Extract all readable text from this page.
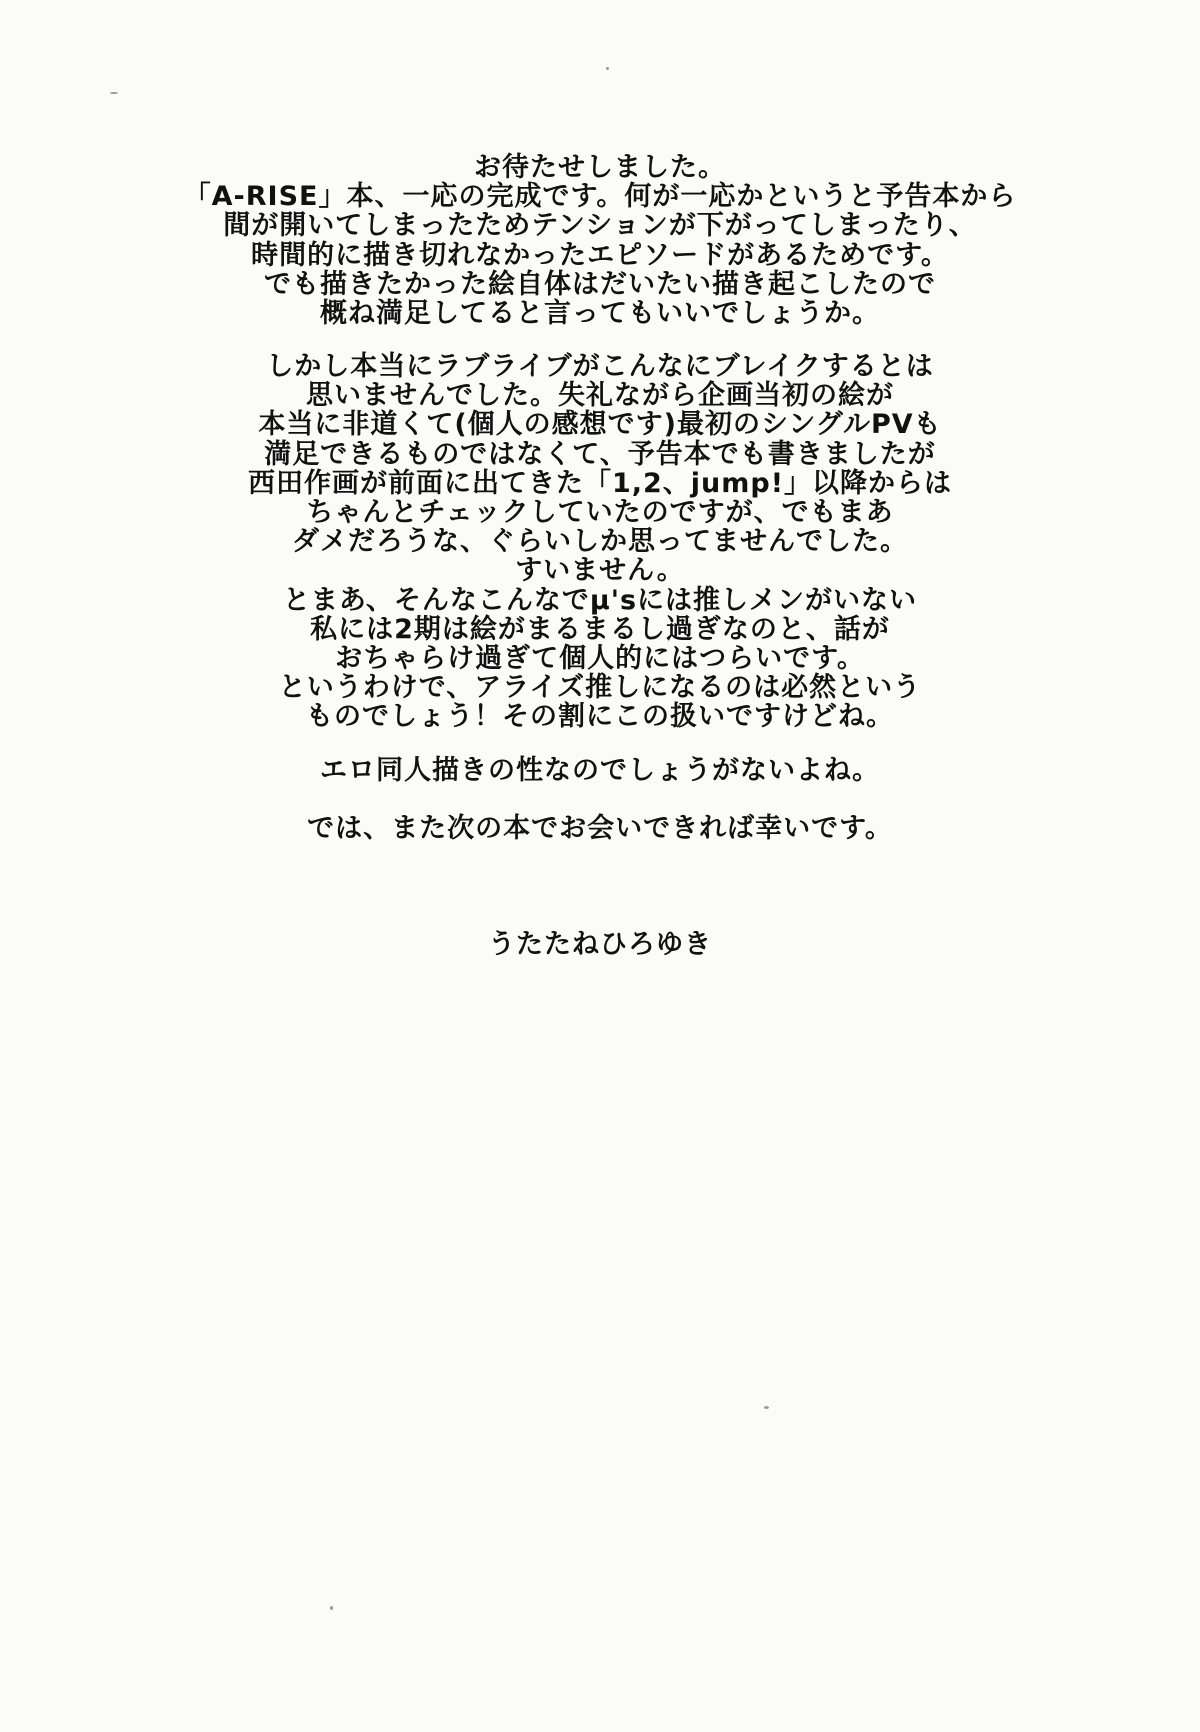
お待たせしました。
「A-RISE」本、一応の完成です。何が一応かというと予告本から
間が開いてしまったためテンションが下がってしまったり、
時間的に描き切れなかったエピソードがあるためです。
でも描きたかった絵自体はだいたい描き起こしたので
概ね満足してると言ってもいいでしょうか。
しかし本当にラブライブがこんなにブレイクするとは
思いませんでした。失礼ながら企画当初の絵が
本当に非道くて(個人の感想です)最初のシングルPVも
満足できるものではなくて、予告本でも書きましたが
西田作画が前面に出てきた「1,2、jump!」以降からは
ちゃんとチェックしていたのですが、でもまあ
ダメだろうな、ぐらいしか思ってませんでした。
すいません。
とまあ、そんなこんなでμ'sには推しメンがいない
私には2期は絵がまるまるし過ぎなのと、話が
おちゃらけ過ぎて個人的にはつらいです。
というわけで、アライズ推しになるのは必然という
ものでしょう！その割にこの扱いですけどね。
エロ同人描きの性なのでしょうがないよね。
では、また次の本でお会いできれば幸いです。
うたたねひろゆき
